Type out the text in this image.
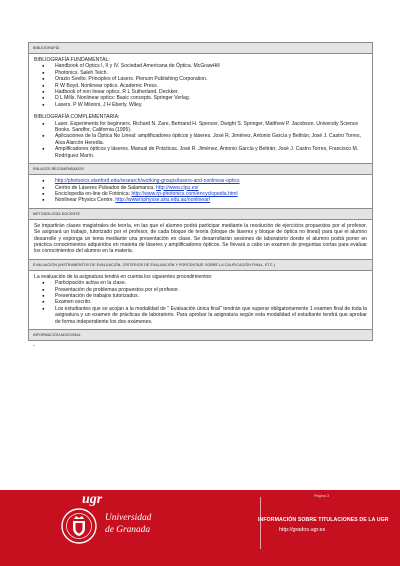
BIBLIOGRAFÍA

BIBLIOGRAFÍA FUNDAMENTAL:

● Handbook of Optics I, II y IV. Sociedad Americana de Óptica. McGrawHill
● Photonics. Saleh Teich.
● Orazio Svelto. Principles of Lasers. Plenum Publishing Corporation.
● R W Boyd. Nonlinear optics. Academic Press.
● Hadbook of non linear optics. R L Sutherland. Deckker.
● D L Mills. Nonlinear optics: Basic concepts. Springer Verlag.
● Lasers. P W Milonni, J H Eberly. Wiley.

BIBLIOGRAFÍA COMPLEMENTARIA:

● Laser. Experiments for beginners. Richard N. Zare, Bertrand H. Spencer, Dwight S. Springer, Matthew P. Jacobson. University Science Books. Sandfor, California (1995).
● Aplicaciones de la Óptica No Lineal: amplificadores ópticos y láseres. José R. Jiménez, Antonio García y Beltrán; José J. Castro Torres, Aixa Alarcón Heredia.
● Amplificadores ópticos y láseres. Manual de Prácticas. José R. Jiménez, Antonio García y Beltrán; José J. Castro Torres, Francisco M. Rodríguez Marín.
ENLACES RECOMENDADOS
● http://photonics.stanford.edu/research/working-groups/lasers-and-nonlinear-optics
● Centro de Láseres Pulsados de Salamanca. http://www.clpu.es/
● Enciclopedia on-line de Fotónica: http://www.rp-photonics.com/encyclopedia.html
● Nonlinear Physics Centre. http://wwwrsphysse.anu.edu.au/nonlinear/
METODOLOGÍA DOCENTE
Se impartirán clases magistrales de teoría, en las que el alumno podrá participar mediante la resolución de ejercicios propuestos por el profesor. Se asignará un trabajo, tutorizado por el profesor, de cada bloque de teoría (bloque de láseres y bloque de óptica no lineal) para que el alumno desarrolle y exponga un tema mediante una presentación en clase. Se desarrollarán sesiones de laboratorio donde el alumno podrá poner en práctica conocimientos adquiridos en materia de láseres y amplificadores ópticos. Se llevará a cabo un examen de preguntas cortas para evaluar los conocimientos del alumno en la materia.
EVALUACIÓN (INSTRUMENTOS DE EVALUACIÓN, CRITERIOS DE EVALUACIÓN Y PORCENTAJE SOBRE LA CALIFICACIÓN FINAL, ETC.)

La evaluación de la asignatura tendrá en cuenta los siguientes procedimientos:

● Participación activa en la clase.
● Presentación de problemas propuestos por el profesor.
● Presentación de trabajos tutorizados.
● Examen escrito.
● Los estudiantes que se acojan a la modalidad de " Evaluación única final" tendrán que superar obligatoriamente 1 examen final de toda la asignatura y un examen de prácticas de laboratorio. Para aprobar la asignatura según esta modalidad el estudiante tendrá que aprobar de forma independiente los dos exámenes.
INFORMACIÓN ADICIONAL
-
ugr
Universidad
de Granada
Página 3
INFORMACIÓN SOBRE TITULACIONES DE LA UGR
http://grados.ugr.es
